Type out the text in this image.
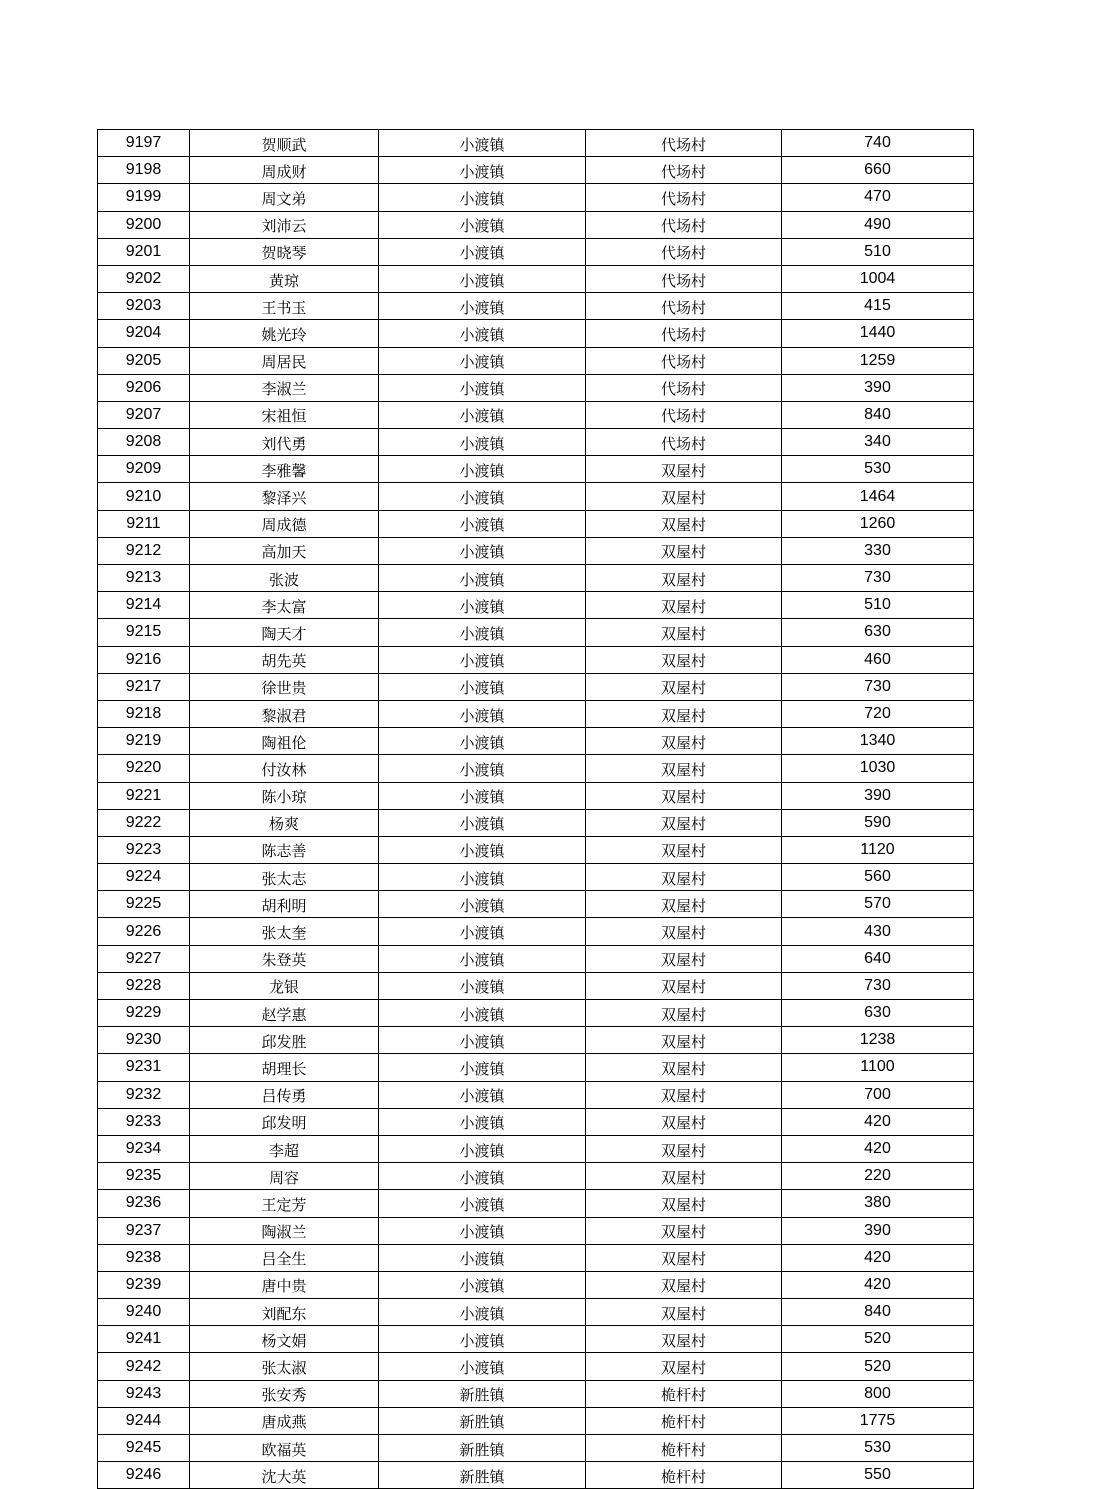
9197	贺顺武	小渡镇	代场村	740
9198	周成财	小渡镇	代场村	660
9199	周文弟	小渡镇	代场村	470
9200	刘沛云	小渡镇	代场村	490
9201	贺晓琴	小渡镇	代场村	510
9202	黄琼	小渡镇	代场村	1004
9203	王书玉	小渡镇	代场村	415
9204	姚光玲	小渡镇	代场村	1440
9205	周居民	小渡镇	代场村	1259
9206	李淑兰	小渡镇	代场村	390
9207	宋祖恒	小渡镇	代场村	840
9208	刘代勇	小渡镇	代场村	340
9209	李雅馨	小渡镇	双屋村	530
9210	黎泽兴	小渡镇	双屋村	1464
9211	周成德	小渡镇	双屋村	1260
9212	高加天	小渡镇	双屋村	330
9213	张波	小渡镇	双屋村	730
9214	李太富	小渡镇	双屋村	510
9215	陶天才	小渡镇	双屋村	630
9216	胡先英	小渡镇	双屋村	460
9217	徐世贵	小渡镇	双屋村	730
9218	黎淑君	小渡镇	双屋村	720
9219	陶祖伦	小渡镇	双屋村	1340
9220	付汝林	小渡镇	双屋村	1030
9221	陈小琼	小渡镇	双屋村	390
9222	杨爽	小渡镇	双屋村	590
9223	陈志善	小渡镇	双屋村	1120
9224	张太志	小渡镇	双屋村	560
9225	胡利明	小渡镇	双屋村	570
9226	张太奎	小渡镇	双屋村	430
9227	朱登英	小渡镇	双屋村	640
9228	龙银	小渡镇	双屋村	730
9229	赵学惠	小渡镇	双屋村	630
9230	邱发胜	小渡镇	双屋村	1238
9231	胡理长	小渡镇	双屋村	1100
9232	吕传勇	小渡镇	双屋村	700
9233	邱发明	小渡镇	双屋村	420
9234	李超	小渡镇	双屋村	420
9235	周容	小渡镇	双屋村	220
9236	王定芳	小渡镇	双屋村	380
9237	陶淑兰	小渡镇	双屋村	390
9238	吕全生	小渡镇	双屋村	420
9239	唐中贵	小渡镇	双屋村	420
9240	刘配东	小渡镇	双屋村	840
9241	杨文娟	小渡镇	双屋村	520
9242	张太淑	小渡镇	双屋村	520
9243	张安秀	新胜镇	桅杆村	800
9244	唐成燕	新胜镇	桅杆村	1775
9245	欧福英	新胜镇	桅杆村	530
9246	沈大英	新胜镇	桅杆村	550
